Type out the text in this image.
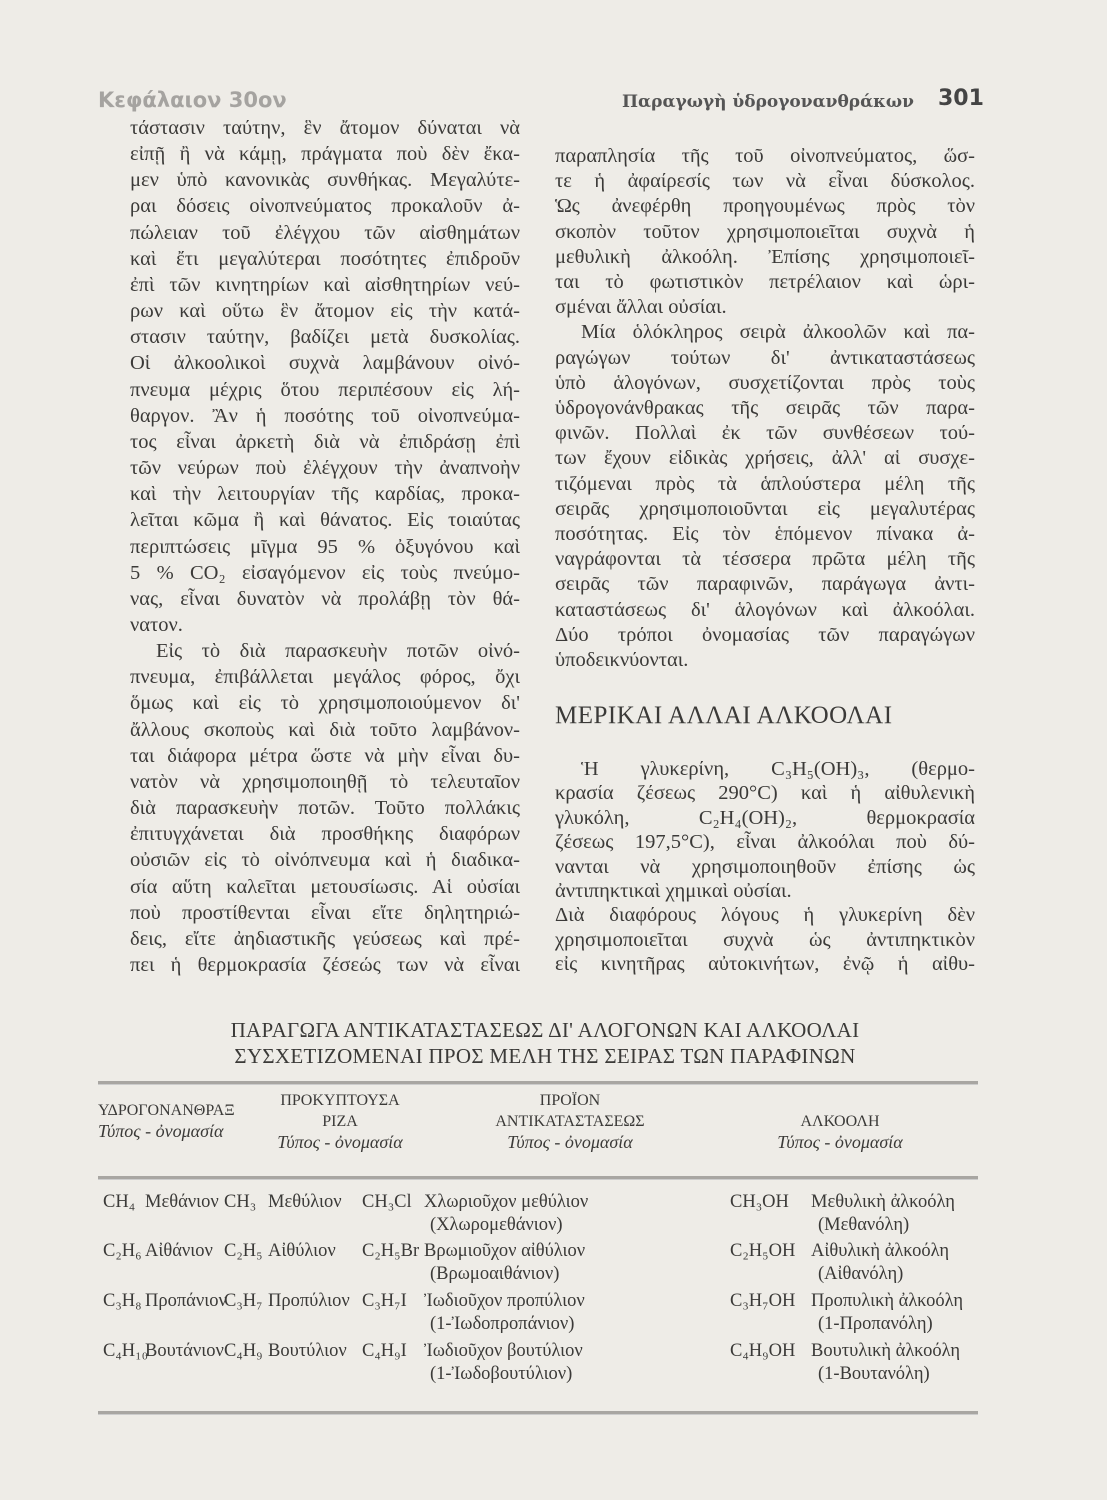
Κεφάλαιον 30ον	Παραγωγὴ ὑδρογονανθράκων 301
τάστασιν ταύτην, ἓν ἄτομον δύναται νὰ
εἰπῇ ἢ νὰ κάμῃ, πράγματα ποὺ δὲν ἔκα-
μεν ὑπὸ κανονικὰς συνθήκας. Μεγαλύτε-
ραι δόσεις οἰνοπνεύματος προκαλοῦν ἀ-
πώλειαν τοῦ ἐλέγχου τῶν αἰσθημάτων
καὶ ἔτι μεγαλύτεραι ποσότητες ἐπιδροῦν
ἐπὶ τῶν κινητηρίων καὶ αἰσθητηρίων νεύ-
ρων καὶ οὕτω ἓν ἄτομον εἰς τὴν κατά-
στασιν ταύτην, βαδίζει μετὰ δυσκολίας.
Οἱ ἀλκοολικοὶ συχνὰ λαμβάνουν οἰνό-
πνευμα μέχρις ὅτου περιπέσουν εἰς λή-
θαργον. Ἂν ἡ ποσότης τοῦ οἰνοπνεύμα-
τος εἶναι ἀρκετὴ διὰ νὰ ἐπιδράσῃ ἐπὶ
τῶν νεύρων ποὺ ἐλέγχουν τὴν ἀναπνοὴν
καὶ τὴν λειτουργίαν τῆς καρδίας, προκα-
λεῖται κῶμα ἢ καὶ θάνατος. Εἰς τοιαύτας
περιπτώσεις μῖγμα 95 % ὀξυγόνου καὶ
5 % CO₂ εἰσαγόμενον εἰς τοὺς πνεύμο-
νας, εἶναι δυνατὸν νὰ προλάβῃ τὸν θά-
νατον.
Εἰς τὸ διὰ παρασκευὴν ποτῶν οἰνό-
πνευμα, ἐπιβάλλεται μεγάλος φόρος, ὄχι
ὅμως καὶ εἰς τὸ χρησιμοποιούμενον δι'
ἄλλους σκοποὺς καὶ διὰ τοῦτο λαμβάνον-
ται διάφορα μέτρα ὥστε νὰ μὴν εἶναι δυ-
νατὸν νὰ χρησιμοποιηθῇ τὸ τελευταῖον
διὰ παρασκευὴν ποτῶν. Τοῦτο πολλάκις
ἐπιτυγχάνεται διὰ προσθήκης διαφόρων
οὐσιῶν εἰς τὸ οἰνόπνευμα καὶ ἡ διαδικα-
σία αὕτη καλεῖται μετουσίωσις. Αἱ οὐσίαι
ποὺ προστίθενται εἶναι εἴτε δηλητηριώ-
δεις, εἴτε ἀηδιαστικῆς γεύσεως καὶ πρέ-
πει ἡ θερμοκρασία ζέσεώς των νὰ εἶναι
παραπλησία τῆς τοῦ οἰνοπνεύματος, ὥσ-
τε ἡ ἀφαίρεσίς των νὰ εἶναι δύσκολος.
Ὡς ἀνεφέρθη προηγουμένως πρὸς τὸν
σκοπὸν τοῦτον χρησιμοποιεῖται συχνὰ ἡ
μεθυλικὴ ἀλκοόλη. Ἐπίσης χρησιμοποιεῖ-
ται τὸ φωτιστικὸν πετρέλαιον καὶ ὡρι-
σμέναι ἄλλαι οὐσίαι.
Μία ὁλόκληρος σειρὰ ἀλκοολῶν καὶ πα-
ραγώγων τούτων δι' ἀντικαταστάσεως
ὑπὸ ἁλογόνων, συσχετίζονται πρὸς τοὺς
ὑδρογονάνθρακας τῆς σειρᾶς τῶν παρα-
φινῶν. Πολλαὶ ἐκ τῶν συνθέσεων τού-
των ἔχουν εἰδικὰς χρήσεις, ἀλλ' αἱ συσχε-
τιζόμεναι πρὸς τὰ ἁπλούστερα μέλη τῆς
σειρᾶς χρησιμοποιοῦνται εἰς μεγαλυτέρας
ποσότητας. Εἰς τὸν ἑπόμενον πίνακα ἀ-
ναγράφονται τὰ τέσσερα πρῶτα μέλη τῆς
σειρᾶς τῶν παραφινῶν, παράγωγα ἀντι-
καταστάσεως δι' ἁλογόνων καὶ ἀλκοόλαι.
Δύο τρόποι ὀνομασίας τῶν παραγώγων
ὑποδεικνύονται.
ΜΕΡΙΚΑΙ ΑΛΛΑΙ ΑΛΚΟΟΛΑΙ
Ἡ γλυκερίνη, C₃H₅(OH)₃, (θερμο-
κρασία ζέσεως 290°C) καὶ ἡ αἰθυλενικὴ
γλυκόλη, C₂H₄(OH)₂, θερμοκρασία
ζέσεως 197,5°C), εἶναι ἀλκοόλαι ποὺ δύ-
νανται νὰ χρησιμοποιηθοῦν ἐπίσης ὡς
ἀντιπηκτικαὶ χημικαὶ οὐσίαι.
Διὰ διαφόρους λόγους ἡ γλυκερίνη δὲν
χρησιμοποιεῖται συχνὰ ὡς ἀντιπηκτικὸν
εἰς κινητῆρας αὐτοκινήτων, ἐνῷ ἡ αἰθυ-
ΠΑΡΑΓΩΓΑ ΑΝΤΙΚΑΤΑΣΤΑΣΕΩΣ ΔΙ' ΑΛΟΓΟΝΩΝ ΚΑΙ ΑΛΚΟΟΛΑΙ
ΣΥΣΧΕΤΙΖΟΜΕΝΑΙ ΠΡΟΣ ΜΕΛΗ ΤΗΣ ΣΕΙΡΑΣ ΤΩΝ ΠΑΡΑΦΙΝΩΝ
ΥΔΡΟΓΟΝΑΝΘΡΑΞ
Τύπος - ὀνομασία
ΠΡΟΚΥΠΤΟΥΣΑ
ΡΙΖΑ
Τύπος - ὀνομασία
ΠΡΟΪΟΝ
ΑΝΤΙΚΑΤΑΣΤΑΣΕΩΣ
Τύπος - ὀνομασία
ΑΛΚΟΟΛΗ
Τύπος - ὀνομασία
CH₄ Μεθάνιον CH₃ Μεθύλιον CH₃Cl Χλωριοῦχον μεθύλιον
(Χλωρομεθάνιον)
CH₃OH Μεθυλικὴ ἀλκοόλη
(Μεθανόλη)
C₂H₆ Αἰθάνιον C₂H₅ Αἰθύλιον C₂H₅Br Βρωμιοῦχον αἰθύλιον
(Βρωμοαιθάνιον)
C₂H₅OH Αἰθυλικὴ ἀλκοόλη
(Αἰθανόλη)
C₃H₈ Προπάνιον
C₃H₇ Προπύλιον C₃H₇I Ἰωδιοῦχον προπύλιον
(1-Ἰωδοπροπάνιον)
C₃H₇OH Προπυλικὴ ἀλκοόλη
(1-Προπανόλη)
C₄H₁₀
Βουτάνιον C₄H₉ Βουτύλιον C₄H₉I Ἰωδιοῦχον βουτύλιον
(1-Ἰωδοβουτύλιον)
C₄H₉OH Βουτυλικὴ ἀλκοόλη
(1-Βουτανόλη)
